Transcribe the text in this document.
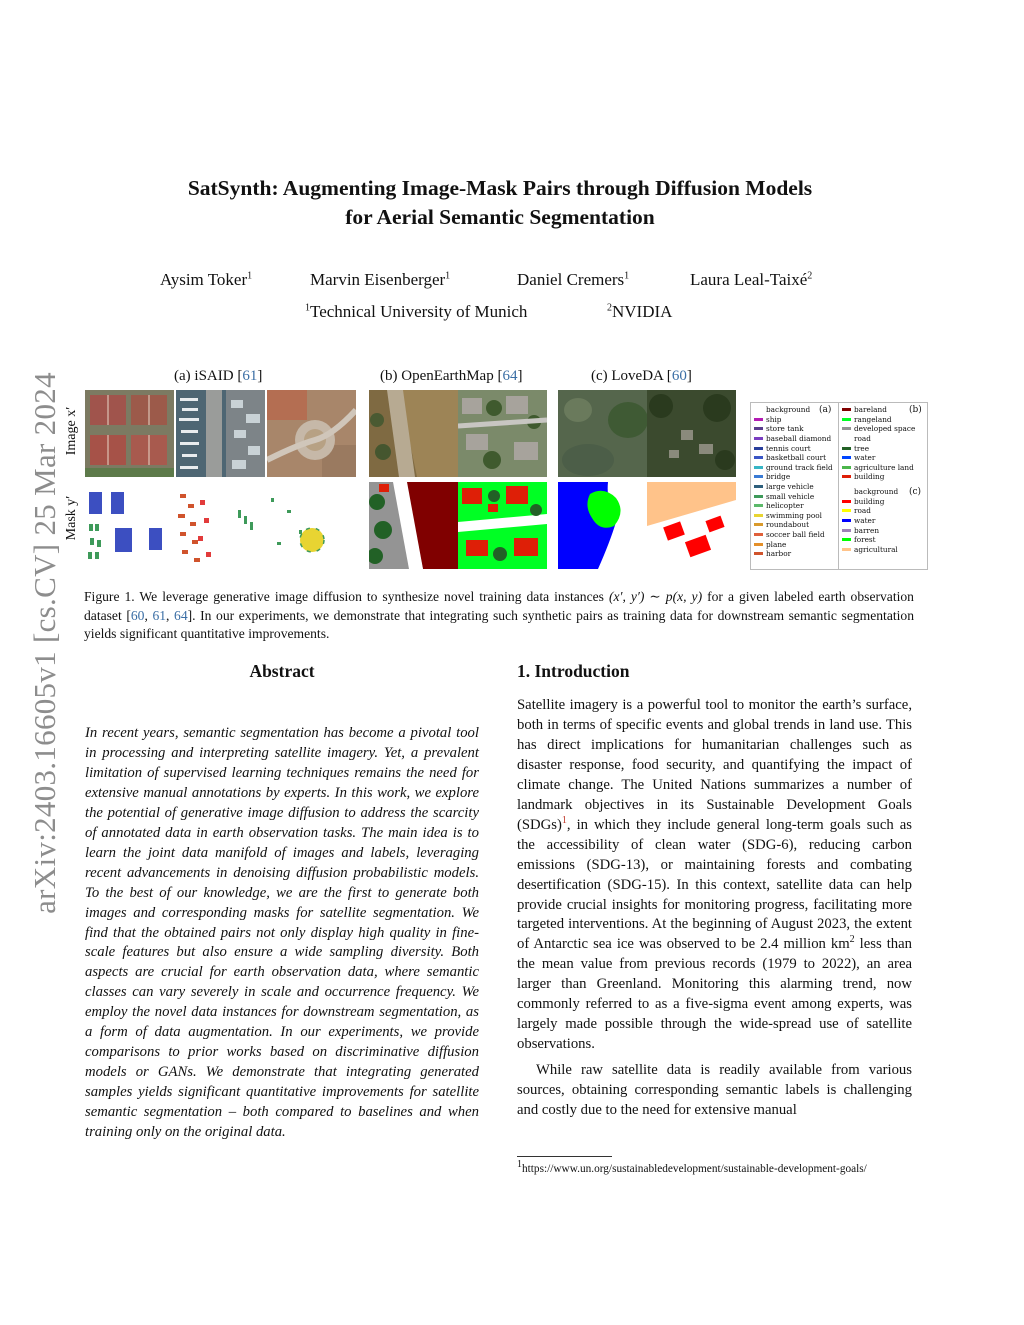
SatSynth: Augmenting Image-Mask Pairs through Diffusion Models
for Aerial Semantic Segmentation
Aysim Toker$^1$	Marvin Eisenberger$^1$	Daniel Cremers$^1$	Laura Leal-Taixé$^2$
$^1$Technical University of Munich	$^2$NVIDIA
arXiv:2403.16605v1 [cs.CV] 25 Mar 2024	(a) iSAID [61]	(b) OpenEarthMap [64]	(c) LoveDA [60]
Image x′
Mask y′
(a)
background
ship
store tank
baseball diamond
tennis court
basketball court
ground track field
bridge
large vehicle
small vehicle
helicopter
swimming pool
roundabout
soccer ball field
plane
harbor
(b)
bareland
rangeland
developed space
road
tree
water
agriculture land
building
(c)
background
building
road
water
barren
forest
agricultural
Figure 1. We leverage generative image diffusion to synthesize novel training data instances (x′, y′) ∼ p(x, y) for a given labeled earth observation dataset [60, 61, 64]. In our experiments, we demonstrate that integrating such synthetic pairs as training data for downstream semantic segmentation yields significant quantitative improvements.
Abstract
In recent years, semantic segmentation has become a pivotal tool in processing and interpreting satellite imagery. Yet, a prevalent limitation of supervised learning techniques remains the need for extensive manual annotations by experts. In this work, we explore the potential of generative image diffusion to address the scarcity of annotated data in earth observation tasks. The main idea is to learn the joint data manifold of images and labels, leveraging recent advancements in denoising diffusion probabilistic models. To the best of our knowledge, we are the first to generate both images and corresponding masks for satellite segmentation. We find that the obtained pairs not only display high quality in fine-scale features but also ensure a wide sampling diversity. Both aspects are crucial for earth observation data, where semantic classes can vary severely in scale and occurrence frequency. We employ the novel data instances for downstream segmentation, as a form of data augmentation. In our experiments, we provide comparisons to prior works based on discriminative diffusion models or GANs. We demonstrate that integrating generated samples yields significant quantitative improvements for satellite semantic segmentation – both compared to baselines and when training only on the original data.
1. Introduction

Satellite imagery is a powerful tool to monitor the earth’s surface, both in terms of specific events and global trends in land use. This has direct implications for humanitarian challenges such as disaster response, food security, and quantifying the impact of climate change. The United Nations summarizes a number of landmark objectives in its Sustainable Development Goals (SDGs)$^1$, in which they include general long-term goals such as the accessibility of clean water (SDG-6), reducing carbon emissions (SDG-13), or maintaining forests and combating desertification (SDG-15). In this context, satellite data can help provide crucial insights for monitoring progress, facilitating more targeted interventions. At the beginning of August 2023, the extent of Antarctic sea ice was observed to be 2.4 million $km^2$ less than the mean value from previous records (1979 to 2022), an area larger than Greenland. Monitoring this alarming trend, now commonly referred to as a five-sigma event among experts, was largely made possible through the wide-spread use of satellite observations.

While raw satellite data is readily available from various sources, obtaining corresponding semantic labels is challenging and costly due to the need for extensive manual

$^1$https://www.un.org/sustainabledevelopment/sustainable-development-goals/
